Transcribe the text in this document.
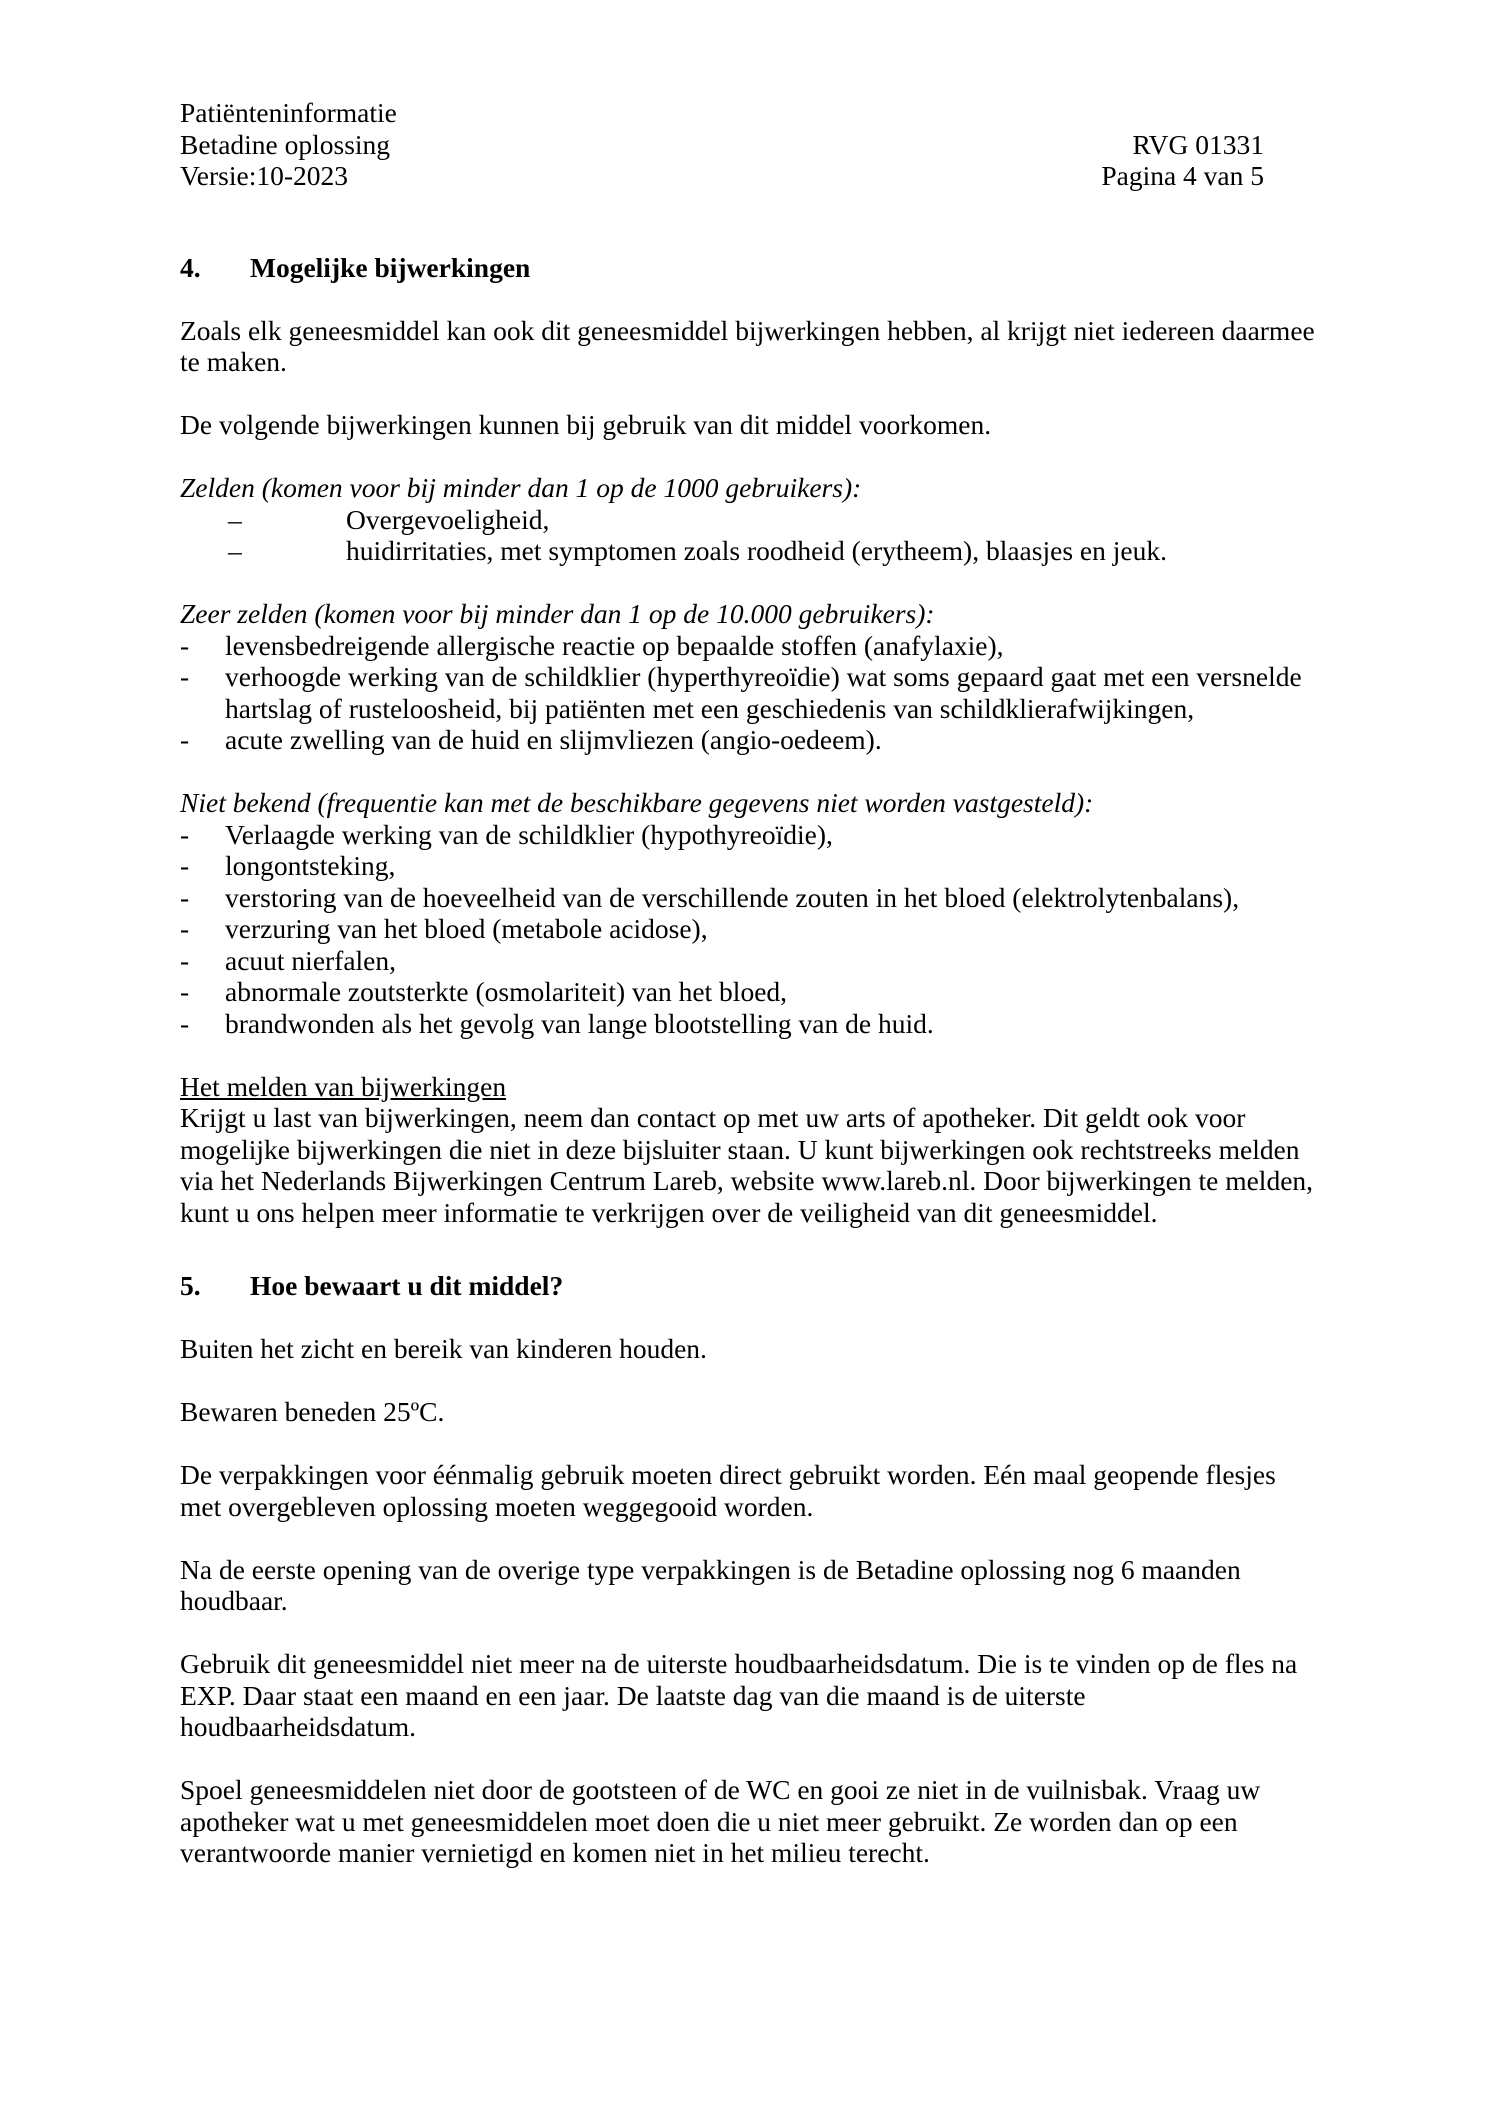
Patiënteninformatie
Betadine oplossing
Versie:10-2023
RVG 01331
Pagina 4 van 5
4.	Mogelijke bijwerkingen

Zoals elk geneesmiddel kan ook dit geneesmiddel bijwerkingen hebben, al krijgt niet iedereen daarmee te maken.

De volgende bijwerkingen kunnen bij gebruik van dit middel voorkomen.

Zelden (komen voor bij minder dan 1 op de 1000 gebruikers):

–	Overgevoeligheid,
–	huidirritaties, met symptomen zoals roodheid (erytheem), blaasjes en jeuk.

Zeer zelden (komen voor bij minder dan 1 op de 10.000 gebruikers):

- levensbedreigende allergische reactie op bepaalde stoffen (anafylaxie),
- verhoogde werking van de schildklier (hyperthyreoïdie) wat soms gepaard gaat met een versnelde hartslag of rusteloosheid, bij patiënten met een geschiedenis van schildklierafwijkingen,
- acute zwelling van de huid en slijmvliezen (angio-oedeem).

Niet bekend (frequentie kan met de beschikbare gegevens niet worden vastgesteld):

- Verlaagde werking van de schildklier (hypothyreoïdie),
- longontsteking,
- verstoring van de hoeveelheid van de verschillende zouten in het bloed (elektrolytenbalans),
- verzuring van het bloed (metabole acidose),
- acuut nierfalen,
- abnormale zoutsterkte (osmolariteit) van het bloed,
- brandwonden als het gevolg van lange blootstelling van de huid.

Het melden van bijwerkingen

Krijgt u last van bijwerkingen, neem dan contact op met uw arts of apotheker. Dit geldt ook voor mogelijke bijwerkingen die niet in deze bijsluiter staan. U kunt bijwerkingen ook rechtstreeks melden via het Nederlands Bijwerkingen Centrum Lareb, website www.lareb.nl. Door bijwerkingen te melden, kunt u ons helpen meer informatie te verkrijgen over de veiligheid van dit geneesmiddel.

5.	Hoe bewaart u dit middel?

Buiten het zicht en bereik van kinderen houden.

Bewaren beneden 25ºC.

De verpakkingen voor éénmalig gebruik moeten direct gebruikt worden. Eén maal geopende flesjes met overgebleven oplossing moeten weggegooid worden.

Na de eerste opening van de overige type verpakkingen is de Betadine oplossing nog 6 maanden houdbaar.

Gebruik dit geneesmiddel niet meer na de uiterste houdbaarheidsdatum. Die is te vinden op de fles na EXP. Daar staat een maand en een jaar. De laatste dag van die maand is de uiterste houdbaarheidsdatum.

Spoel geneesmiddelen niet door de gootsteen of de WC en gooi ze niet in de vuilnisbak. Vraag uw apotheker wat u met geneesmiddelen moet doen die u niet meer gebruikt. Ze worden dan op een verantwoorde manier vernietigd en komen niet in het milieu terecht.
